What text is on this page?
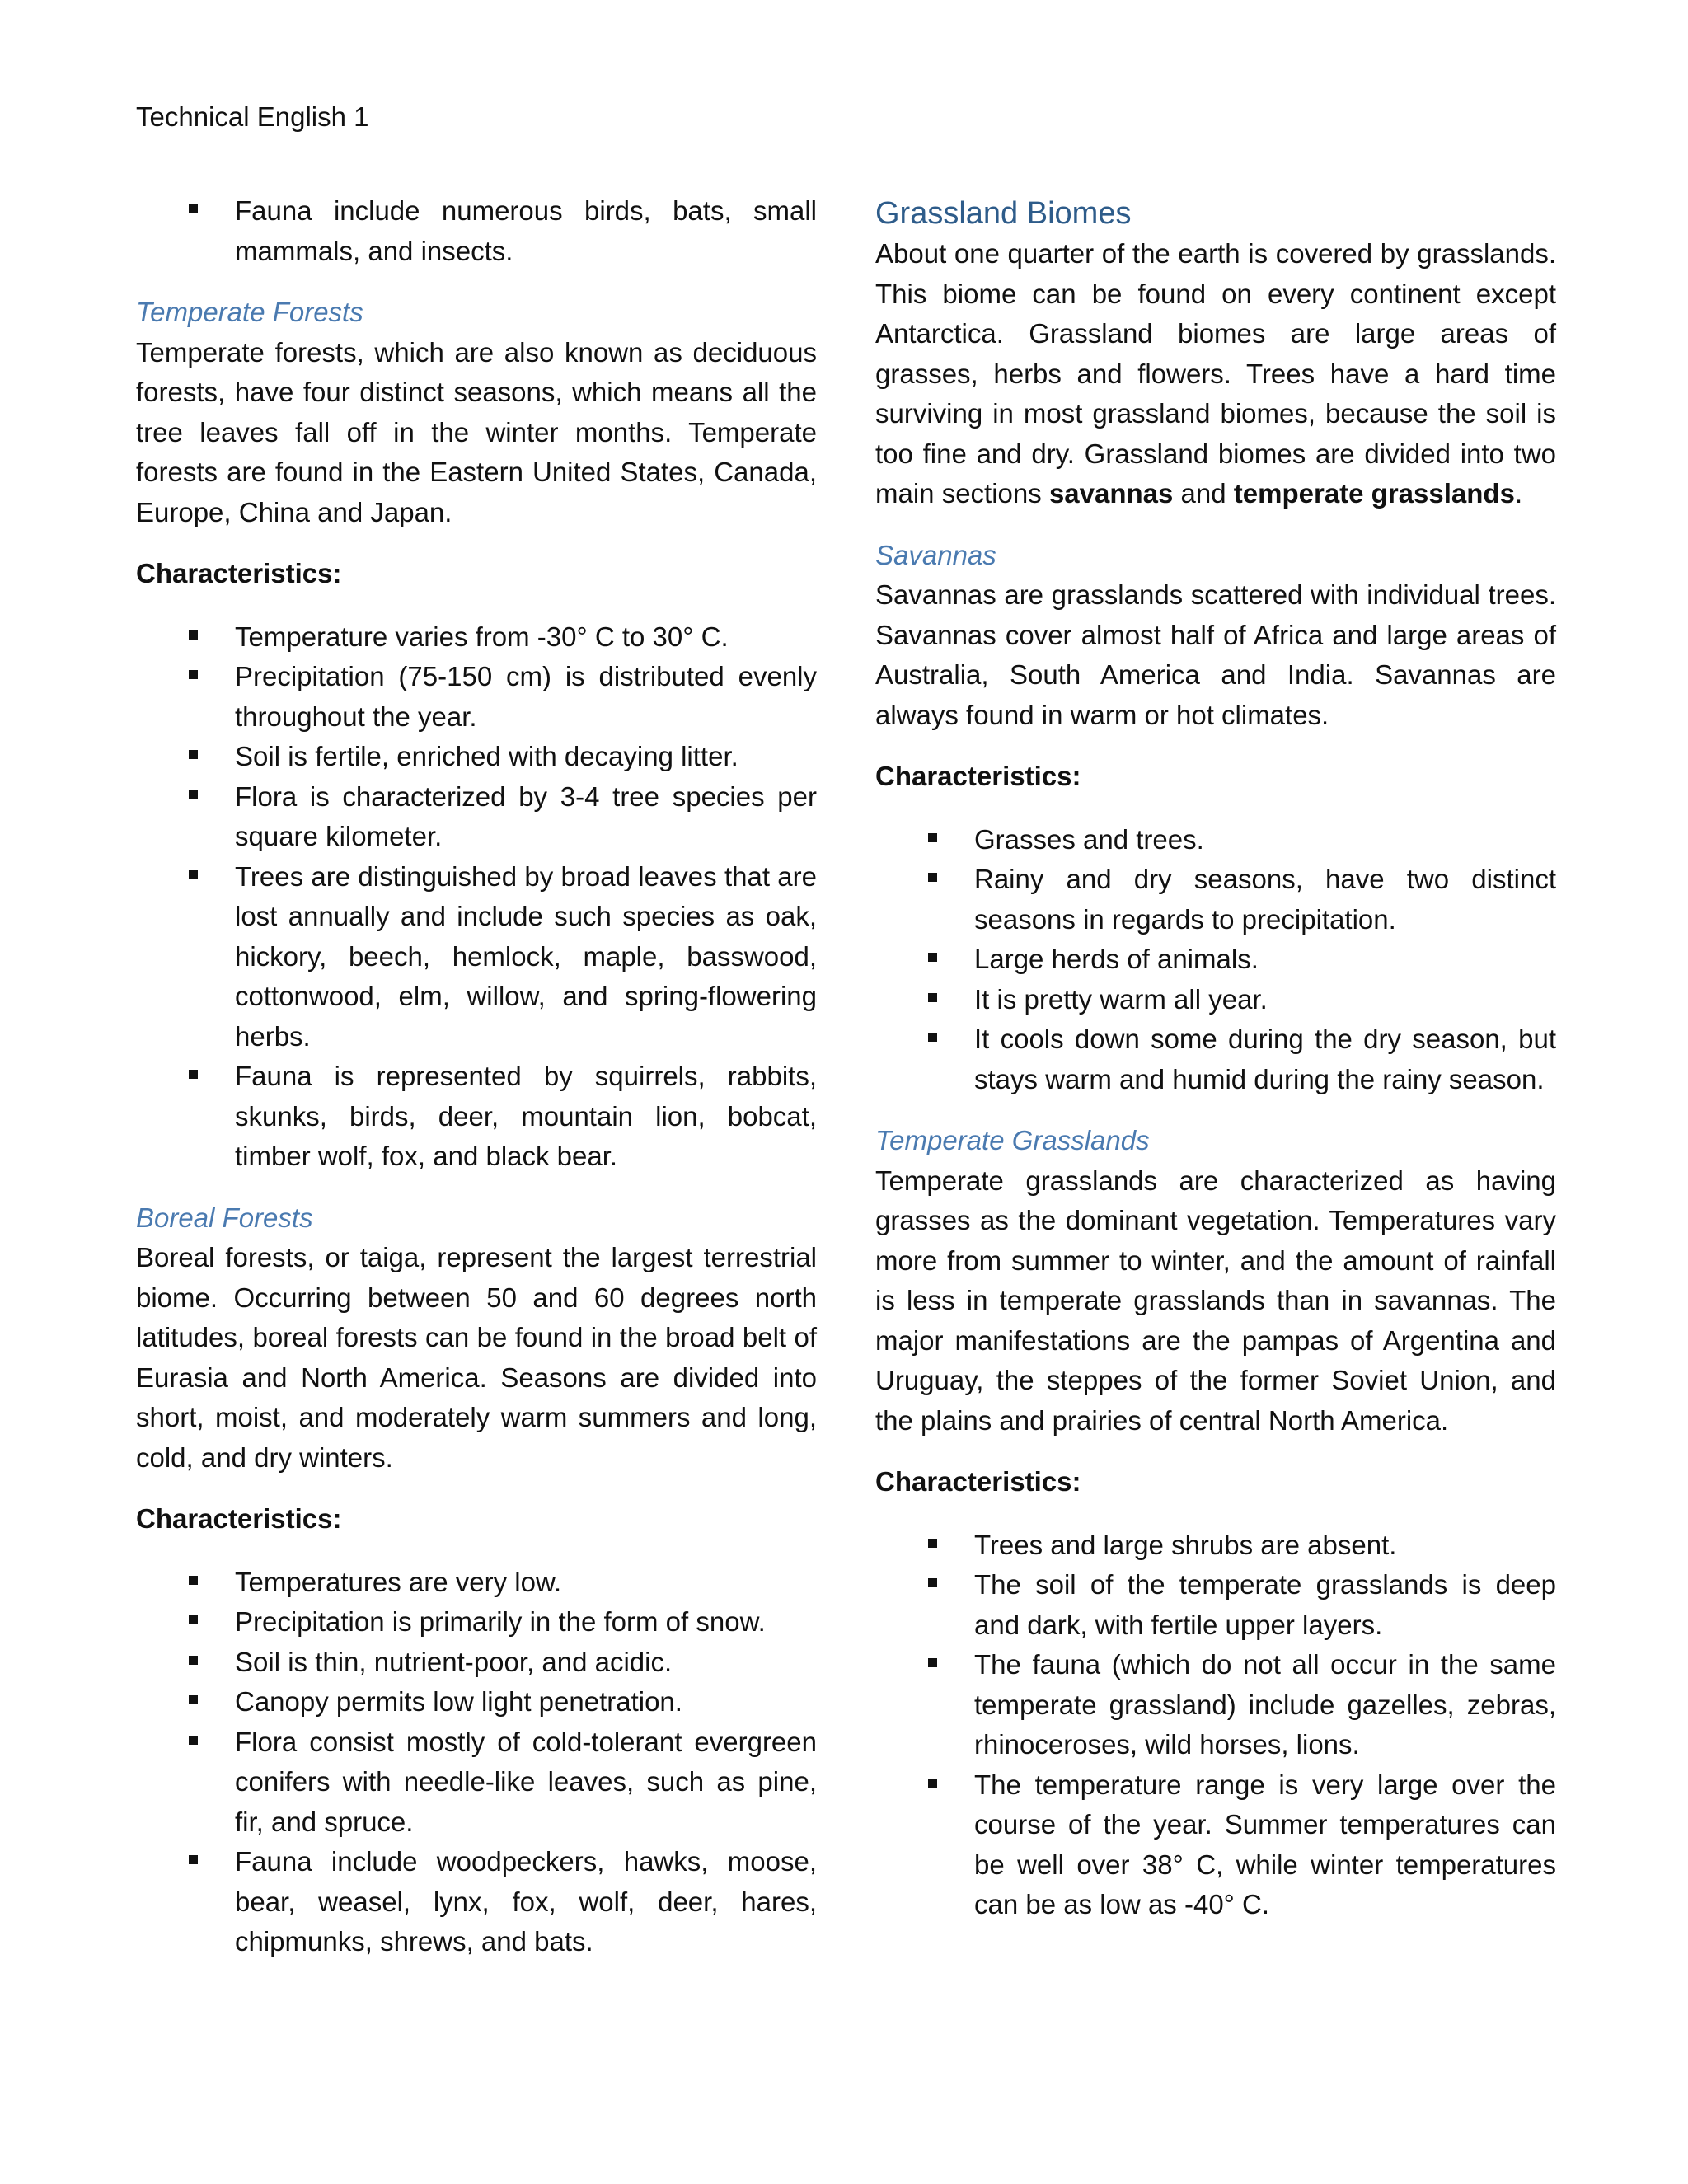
Technical English 1
Fauna include numerous birds, bats, small mammals, and insects.
Temperate Forests

Temperate forests, which are also known as deciduous forests, have four distinct seasons, which means all the tree leaves fall off in the winter months. Temperate forests are found in the Eastern United States, Canada, Europe, China and Japan.

Characteristics:

Temperature varies from -30° C to 30° C.
Precipitation (75-150 cm) is distributed evenly throughout the year.
Soil is fertile, enriched with decaying litter.
Flora is characterized by 3-4 tree species per square kilometer.
Trees are distinguished by broad leaves that are lost annually and include such species as oak, hickory, beech, hemlock, maple, basswood, cottonwood, elm, willow, and spring-flowering herbs.
Fauna is represented by squirrels, rabbits, skunks, birds, deer, mountain lion, bobcat, timber wolf, fox, and black bear.
Boreal Forests

Boreal forests, or taiga, represent the largest terrestrial biome. Occurring between 50 and 60 degrees north latitudes, boreal forests can be found in the broad belt of Eurasia and North America. Seasons are divided into short, moist, and moderately warm summers and long, cold, and dry winters.

Characteristics:

Temperatures are very low.
Precipitation is primarily in the form of snow.
Soil is thin, nutrient-poor, and acidic.
Canopy permits low light penetration.
Flora consist mostly of cold-tolerant evergreen conifers with needle-like leaves, such as pine, fir, and spruce.
Fauna include woodpeckers, hawks, moose, bear, weasel, lynx, fox, wolf, deer, hares, chipmunks, shrews, and bats.
Grassland Biomes

About one quarter of the earth is covered by grasslands. This biome can be found on every continent except Antarctica. Grassland biomes are large areas of grasses, herbs and flowers. Trees have a hard time surviving in most grassland biomes, because the soil is too fine and dry. Grassland biomes are divided into two main sections savannas and temperate grasslands.

Savannas

Savannas are grasslands scattered with individual trees. Savannas cover almost half of Africa and large areas of Australia, South America and India. Savannas are always found in warm or hot climates.

Characteristics:

Grasses and trees.
Rainy and dry seasons, have two distinct seasons in regards to precipitation.
Large herds of animals.
It is pretty warm all year.
It cools down some during the dry season, but stays warm and humid during the rainy season.
Temperate Grasslands

Temperate grasslands are characterized as having grasses as the dominant vegetation. Temperatures vary more from summer to winter, and the amount of rainfall is less in temperate grasslands than in savannas. The major manifestations are the pampas of Argentina and Uruguay, the steppes of the former Soviet Union, and the plains and prairies of central North America.

Characteristics:

Trees and large shrubs are absent.
The soil of the temperate grasslands is deep and dark, with fertile upper layers.
The fauna (which do not all occur in the same temperate grassland) include gazelles, zebras, rhinoceroses, wild horses, lions.
The temperature range is very large over the course of the year. Summer temperatures can be well over 38° C, while winter temperatures can be as low as -40° C.
